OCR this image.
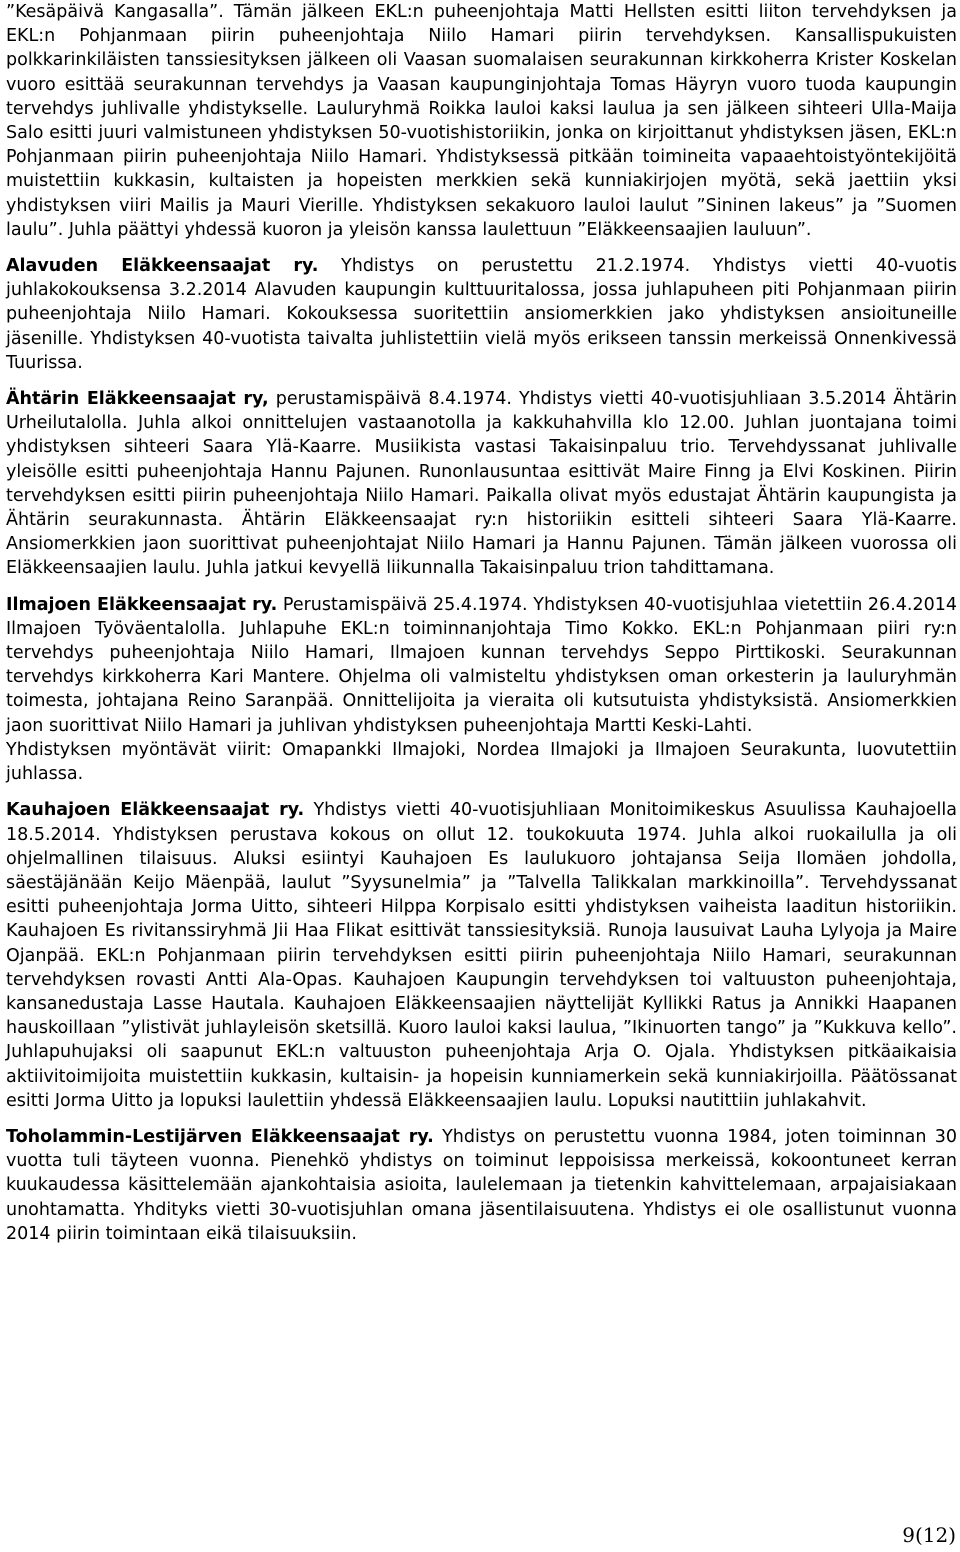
”Kesäpäivä Kangasalla”. Tämän jälkeen EKL:n puheenjohtaja Matti Hellsten esitti liiton tervehdyksen ja EKL:n Pohjanmaan piirin puheenjohtaja Niilo Hamari piirin tervehdyksen. Kansallispukuisten polkkarinkiläisten tanssiesityksen jälkeen oli Vaasan suomalaisen seurakunnan kirkkoherra Krister Koskelan vuoro esittää seurakunnan tervehdys ja Vaasan kaupunginjohtaja Tomas Häyryn vuoro tuoda kaupungin tervehdys juhlivalle yhdistykselle. Lauluryhmä Roikka lauloi kaksi laulua ja sen jälkeen sihteeri Ulla-Maija Salo esitti juuri valmistuneen yhdistyksen 50-vuotishistoriikin, jonka on kirjoittanut yhdistyksen jäsen, EKL:n Pohjanmaan piirin puheenjohtaja Niilo Hamari. Yhdistyksessä pitkään toimineita vapaaehtoistyöntekijöitä muistettiin kukkasin, kultaisten ja hopeisten merkkien sekä kunniakirjojen myötä, sekä jaettiin yksi yhdistyksen viiri Mailis ja Mauri Vierille. Yhdistyksen sekakuoro lauloi laulut ”Sininen lakeus” ja ”Suomen laulu”. Juhla päättyi yhdessä kuoron ja yleisön kanssa laulettuun ”Eläkkeensaajien lauluun”.

Alavuden Eläkkeensaajat ry. Yhdistys on perustettu 21.2.1974. Yhdistys vietti 40-vuotis juhlakokouksensa 3.2.2014 Alavuden kaupungin kulttuuritalossa, jossa juhlapuheen piti Pohjanmaan piirin puheenjohtaja Niilo Hamari. Kokouksessa suoritettiin ansiomerkkien jako yhdistyksen ansioituneille jäsenille. Yhdistyksen 40-vuotista taivalta juhlistettiin vielä myös erikseen tanssin merkeissä Onnenkivessä Tuurissa.

Ähtärin Eläkkeensaajat ry, perustamispäivä 8.4.1974. Yhdistys vietti 40-vuotisjuhliaan 3.5.2014 Ähtärin Urheilutalolla. Juhla alkoi onnittelujen vastaanotolla ja kakkuhahvilla klo 12.00. Juhlan juontajana toimi yhdistyksen sihteeri Saara Ylä-Kaarre. Musiikista vastasi Takaisinpaluu trio. Tervehdyssanat juhlivalle yleisölle esitti puheenjohtaja Hannu Pajunen. Runonlausuntaa esittivät Maire Finng ja Elvi Koskinen. Piirin tervehdyksen esitti piirin puheenjohtaja Niilo Hamari. Paikalla olivat myös edustajat Ähtärin kaupungista ja Ähtärin seurakunnasta. Ähtärin Eläkkeensaajat ry:n historiikin esitteli sihteeri Saara Ylä-Kaarre. Ansiomerkkien jaon suorittivat puheenjohtajat Niilo Hamari ja Hannu Pajunen. Tämän jälkeen vuorossa oli Eläkkeensaajien laulu. Juhla jatkui kevyellä liikunnalla Takaisinpaluu trion tahdittamana.

Ilmajoen Eläkkeensaajat ry. Perustamispäivä 25.4.1974. Yhdistyksen 40-vuotisjuhlaa vietettiin 26.4.2014 Ilmajoen Työväentalolla. Juhlapuhe EKL:n toiminnanjohtaja Timo Kokko. EKL:n Pohjanmaan piiri ry:n tervehdys puheenjohtaja Niilo Hamari, Ilmajoen kunnan tervehdys Seppo Pirttikoski. Seurakunnan tervehdys kirkkoherra Kari Mantere. Ohjelma oli valmisteltu yhdistyksen oman orkesterin ja lauluryhmän toimesta, johtajana Reino Saranpää. Onnittelijoita ja vieraita oli kutsutuista yhdistyksistä. Ansiomerkkien jaon suorittivat Niilo Hamari ja juhlivan yhdistyksen puheenjohtaja Martti Keski-Lahti.

Yhdistyksen myöntävät viirit: Omapankki Ilmajoki, Nordea Ilmajoki ja Ilmajoen Seurakunta, luovutettiin juhlassa.

Kauhajoen Eläkkeensaajat ry. Yhdistys vietti 40-vuotisjuhliaan Monitoimikeskus Asuulissa Kauhajoella 18.5.2014. Yhdistyksen perustava kokous on ollut 12. toukokuuta 1974. Juhla alkoi ruokailulla ja oli ohjelmallinen tilaisuus. Aluksi esiintyi Kauhajoen Es laulukuoro johtajansa Seija Ilomäen johdolla, säestäjänään Keijo Mäenpää, laulut ”Syysunelmia” ja ”Talvella Talikkalan markkinoilla”. Tervehdyssanat esitti puheenjohtaja Jorma Uitto, sihteeri Hilppa Korpisalo esitti yhdistyksen vaiheista laaditun historiikin. Kauhajoen Es rivitanssiryhmä Jii Haa Flikat esittivät tanssiesityksiä. Runoja lausuivat Lauha Lylyoja ja Maire Ojanpää. EKL:n Pohjanmaan piirin tervehdyksen esitti piirin puheenjohtaja Niilo Hamari, seurakunnan tervehdyksen rovasti Antti Ala-Opas. Kauhajoen Kaupungin tervehdyksen toi valtuuston puheenjohtaja, kansanedustaja Lasse Hautala. Kauhajoen Eläkkeensaajien näyttelijät Kyllikki Ratus ja Annikki Haapanen hauskoillaan ”ylistivät juhlayleisön sketsillä. Kuoro lauloi kaksi laulua, ”Ikinuorten tango” ja ”Kukkuva kello”. Juhlapuhujaksi oli saapunut EKL:n valtuuston puheenjohtaja Arja O. Ojala. Yhdistyksen pitkäaikaisia aktiivitoimijoita muistettiin kukkasin, kultaisin- ja hopeisin kunniamerkein sekä kunniakirjoilla. Päätössanat esitti Jorma Uitto ja lopuksi laulettiin yhdessä Eläkkeensaajien laulu. Lopuksi nautittiin juhlakahvit.

Toholammin-Lestijärven Eläkkeensaajat ry. Yhdistys on perustettu vuonna 1984, joten toiminnan 30 vuotta tuli täyteen vuonna. Pienehkö yhdistys on toiminut leppoisissa merkeissä, kokoontuneet kerran kuukaudessa käsittelemään ajankohtaisia asioita, laulelemaan ja tietenkin kahvittelemaan, arpajaisiakaan unohtamatta. Yhdityks vietti 30-vuotisjuhlan omana jäsentilaisuutena. Yhdistys ei ole osallistunut vuonna 2014 piirin toimintaan eikä tilaisuuksiin.

9(12)
